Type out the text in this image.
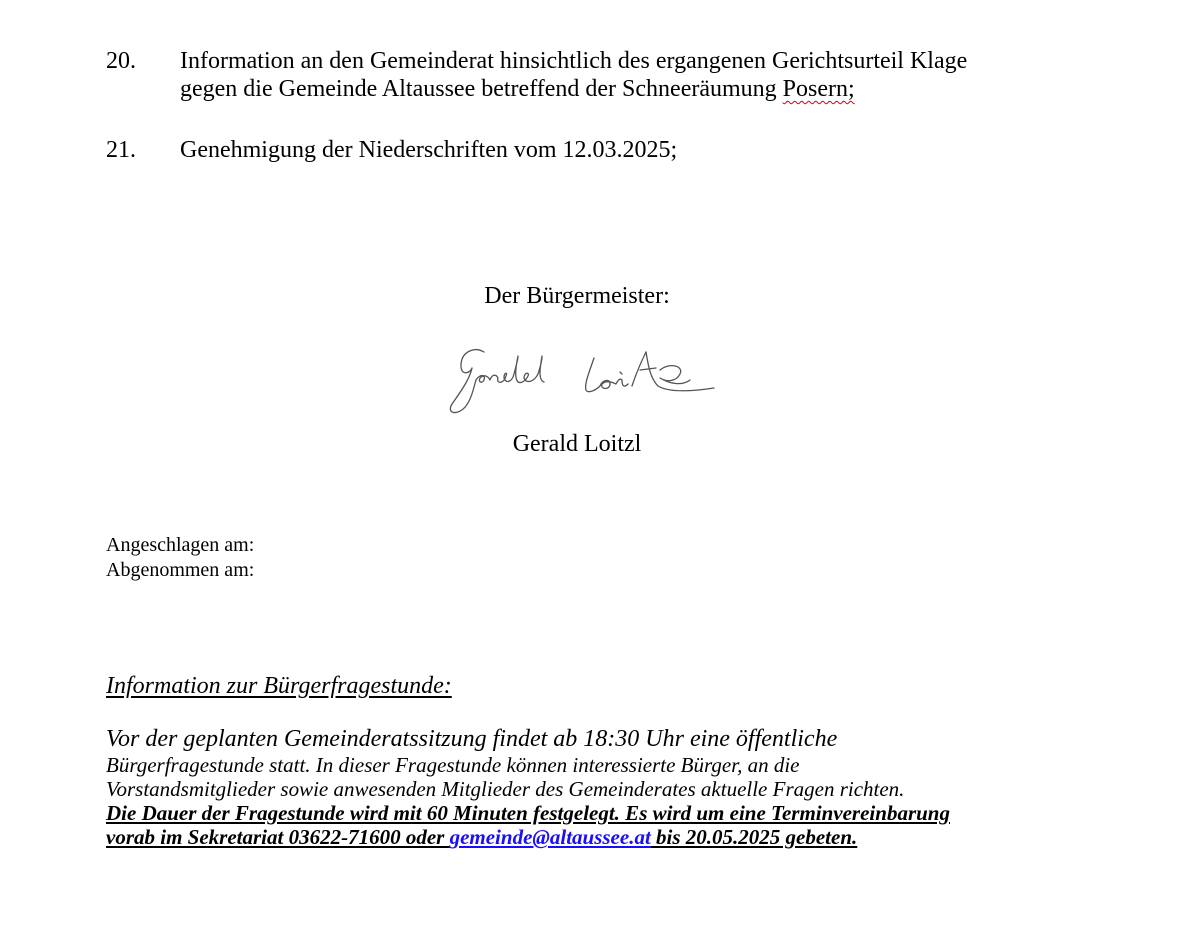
20.	Information an den Gemeinderat hinsichtlich des ergangenen Gerichtsurteil Klage
gegen die Gemeinde Altaussee betreffend der Schneeräumung Posern;
21.	Genehmigung der Niederschriften vom 12.03.2025;
Der Bürgermeister:
Gerald Loitzl
Angeschlagen am:
Abgenommen am:
Information zur Bürgerfragestunde:
Vor der geplanten Gemeinderatssitzung findet ab 18:30 Uhr eine öffentliche
Bürgerfragestunde statt. In dieser Fragestunde können interessierte Bürger, an die
Vorstandsmitglieder sowie anwesenden Mitglieder des Gemeinderates aktuelle Fragen richten.
Die Dauer der Fragestunde wird mit 60 Minuten festgelegt. Es wird um eine Terminvereinbarung
vorab im Sekretariat 03622-71600 oder gemeinde@altaussee.at bis 20.05.2025 gebeten.
